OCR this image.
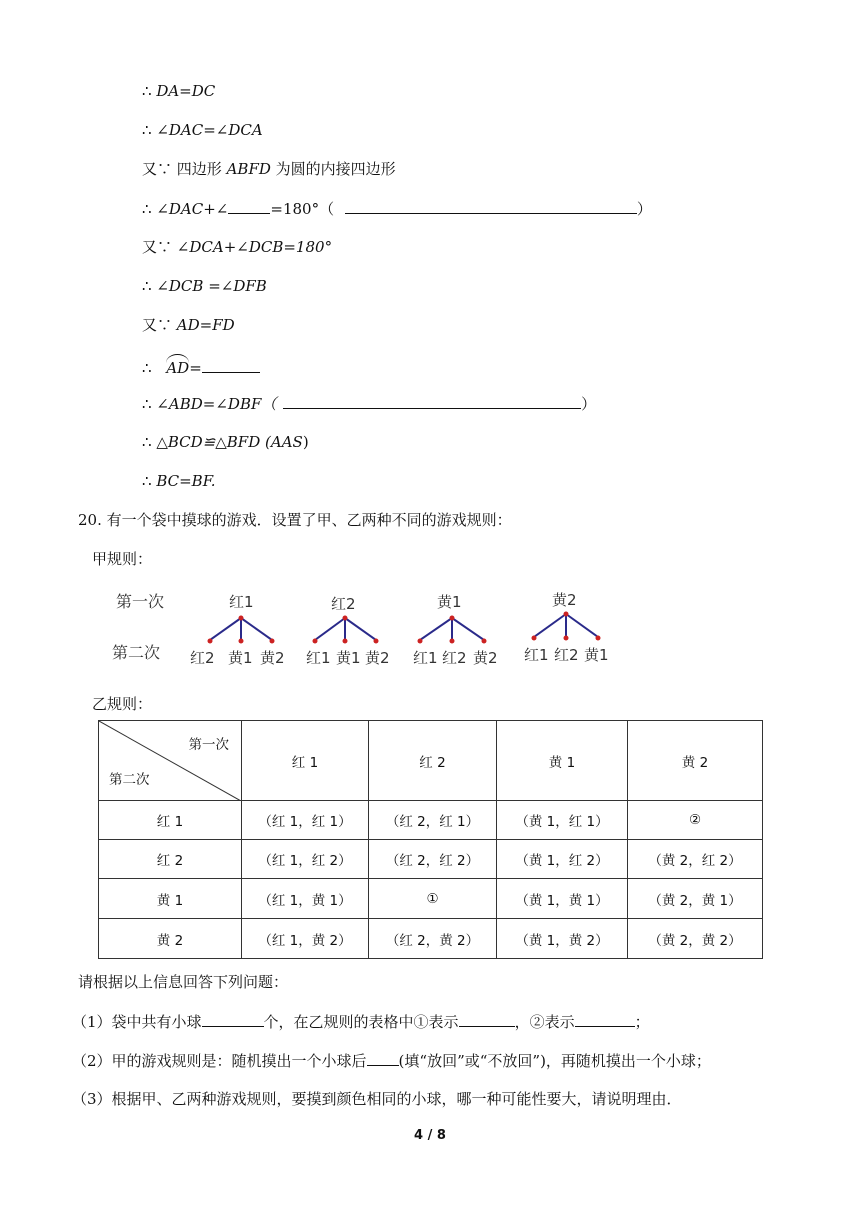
∴ DA=DC
∴ ∠DAC=∠DCA
又∵ 四边形 ABFD 为圆的内接四边形
∴ ∠DAC+∠	=180°（	）
又∵ ∠DCA+∠DCB=180°
∴ ∠DCB =∠DFB
又∵ AD=FD
∴ AD=
∴ ∠ABD=∠DBF（	）
∴ △BCD≌△BFD (AAS)
∴ BC=BF.
20. 有一个袋中摸球的游戏．设置了甲、乙两种不同的游戏规则：
甲规则：
第一次
第二次
红1
红2 黄1 黄2
红2
红1 黄1 黄2
黄1
红1 红2 黄2
黄2
红1 红2 黄1
乙规则：
第一次
第二次	红 1	红 2	黄 1	黄 2
红 1	（红 1，红 1）	（红 2，红 1）	（黄 1，红 1）	②
红 2	（红 1，红 2）	（红 2，红 2）	（黄 1，红 2）	（黄 2，红 2）
黄 1	（红 1，黄 1）	①	（黄 1，黄 1）	（黄 2，黄 1）
黄 2	（红 1，黄 2）	（红 2，黄 2）	（黄 1，黄 2）	（黄 2，黄 2）
请根据以上信息回答下列问题：
（1）袋中共有小球	个，在乙规则的表格中①表示	，②表示	；
（2）甲的游戏规则是：随机摸出一个小球后 (填“放回”或“不放回”)，再随机摸出一个小球；
（3）根据甲、乙两种游戏规则，要摸到颜色相同的小球，哪一种可能性要大，请说明理由．
4 / 8
